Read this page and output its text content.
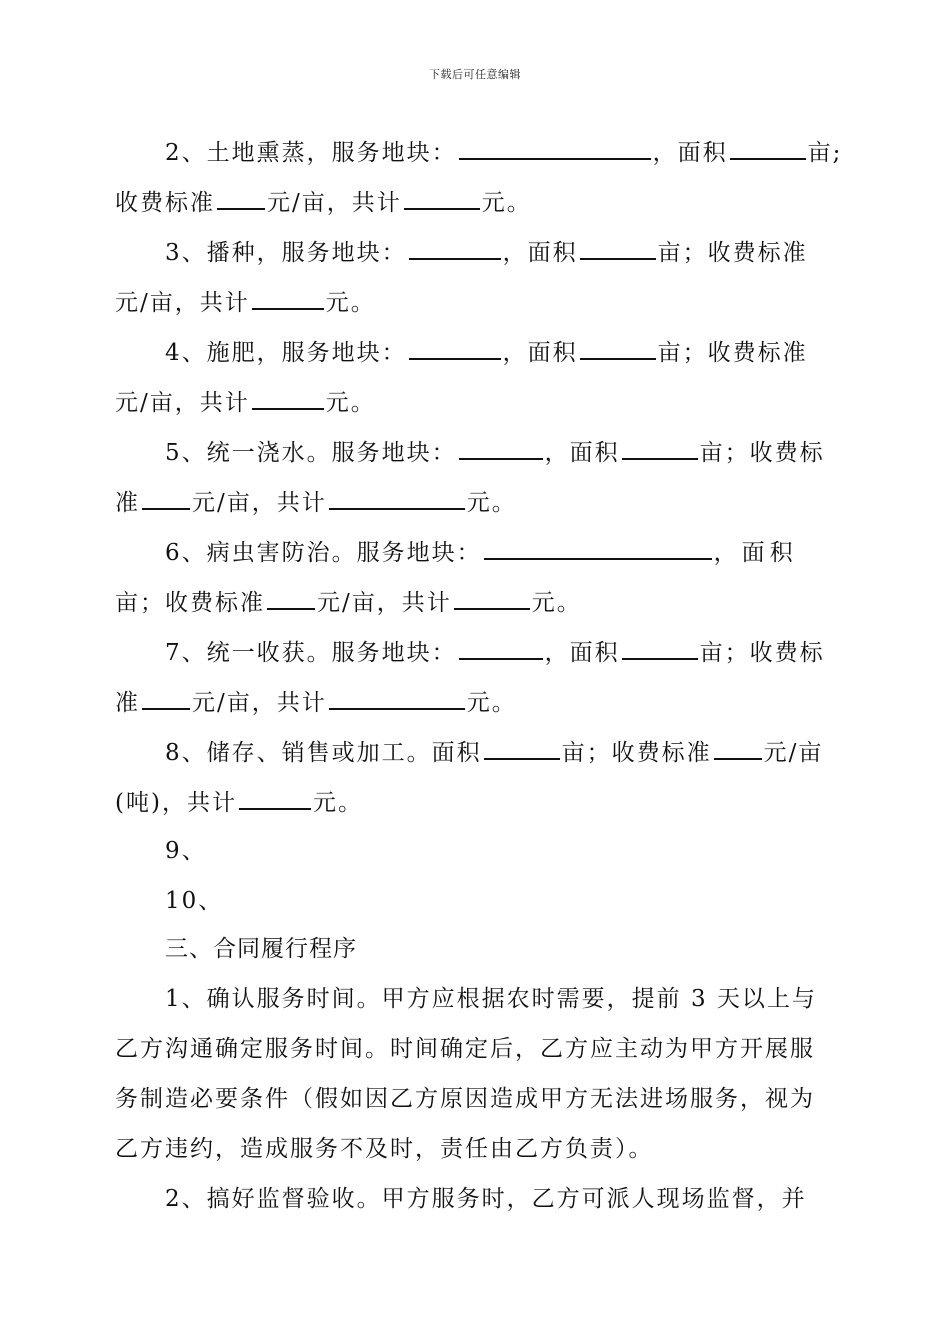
下载后可任意编辑
2、土地熏蒸，服务地块：	，面积	亩;
收费标准 元/亩，共计	元。
3、播种，服务地块：	，面积	亩；收费标准
元/亩，共计	元。
4、施肥，服务地块：	，面积	亩；收费标准
元/亩，共计	元。
5、统一浇水。服务地块：	，面积	亩；收费标
准 元/亩，共计	元。
6、病虫害防治。服务地块：	，面积
亩；收费标准 元/亩，共计	元。
7、统一收获。服务地块：	，面积	亩；收费标
准 元/亩，共计	元。
8、储存、销售或加工。面积	亩；收费标准 元/亩
(吨)，共计	元。
9、
10、
三、合同履行程序
1、确认服务时间。甲方应根据农时需要，提前 3 天以上与
乙方沟通确定服务时间。时间确定后，乙方应主动为甲方开展服
务制造必要条件（假如因乙方原因造成甲方无法进场服务，视为
乙方违约，造成服务不及时，责任由乙方负责）。
2、搞好监督验收。甲方服务时，乙方可派人现场监督，并
